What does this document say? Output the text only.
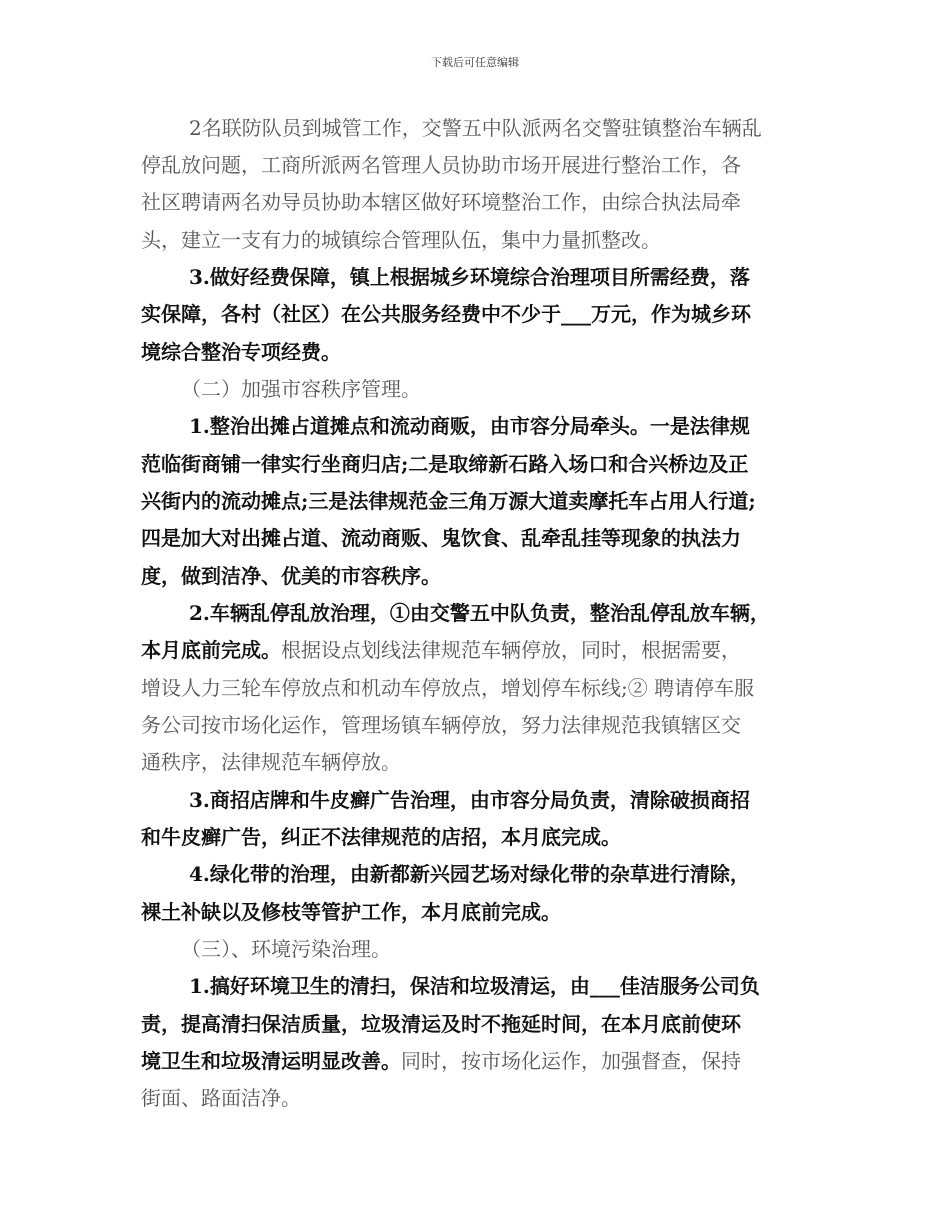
下载后可任意编辑
2名联防队员到城管工作，交警五中队派两名交警驻镇整治车辆乱
停乱放问题，工商所派两名管理人员协助市场开展进行整治工作，各
社区聘请两名劝导员协助本辖区做好环境整治工作，由综合执法局牵
头，建立一支有力的城镇综合管理队伍，集中力量抓整改。
3.做好经费保障，镇上根据城乡环境综合治理项目所需经费，落
实保障，各村（社区）在公共服务经费中不少于___万元，作为城乡环
境综合整治专项经费。
（二）加强市容秩序管理。
1.整治出摊占道摊点和流动商贩，由市容分局牵头。一是法律规
范临街商铺一律实行坐商归店;二是取缔新石路入场口和合兴桥边及正
兴街内的流动摊点;三是法律规范金三角万源大道卖摩托车占用人行道;
四是加大对出摊占道、流动商贩、鬼饮食、乱牵乱挂等现象的执法力
度，做到洁净、优美的市容秩序。
2.车辆乱停乱放治理，①由交警五中队负责，整治乱停乱放车辆，
本月底前完成。根据设点划线法律规范车辆停放，同时，根据需要，
增设人力三轮车停放点和机动车停放点，增划停车标线;② 聘请停车服
务公司按市场化运作，管理场镇车辆停放，努力法律规范我镇辖区交
通秩序，法律规范车辆停放。
3.商招店牌和牛皮癣广告治理，由市容分局负责，清除破损商招
和牛皮癣广告，纠正不法律规范的店招，本月底完成。
4.绿化带的治理，由新都新兴园艺场对绿化带的杂草进行清除，
裸土补缺以及修枝等管护工作，本月底前完成。
（三）、环境污染治理。
1.搞好环境卫生的清扫，保洁和垃圾清运，由___佳洁服务公司负
责，提高清扫保洁质量，垃圾清运及时不拖延时间，在本月底前使环
境卫生和垃圾清运明显改善。同时，按市场化运作，加强督查，保持
街面、路面洁净。
